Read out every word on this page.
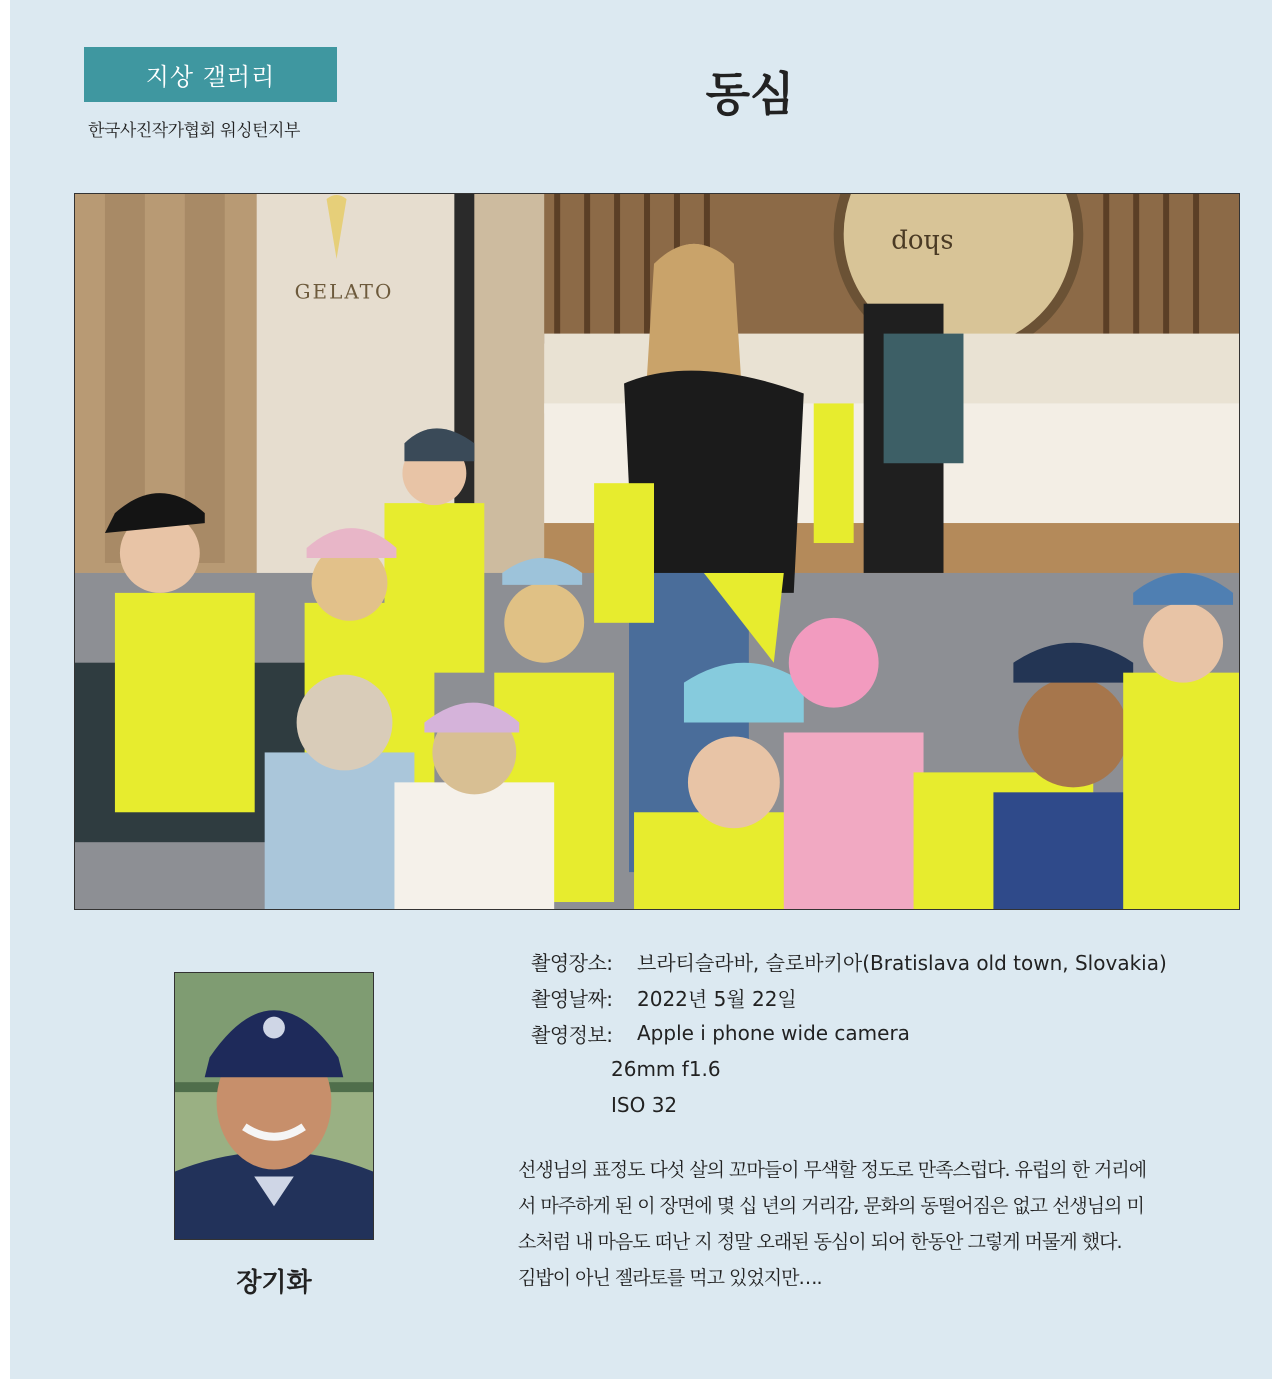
지상 갤러리
한국사진작가협회 워싱턴지부
동심
GELATO
shop
장기화
촬영장소:	브라티슬라바, 슬로바키아(Bratislava old town, Slovakia)
촬영날짜:	2022년 5월 22일
촬영정보:	Apple i phone wide camera
26mm f1.6
ISO 32
선생님의 표정도 다섯 살의 꼬마들이 무색할 정도로 만족스럽다. 유럽의 한 거리에
서 마주하게 된 이 장면에 몇 십 년의 거리감, 문화의 동떨어짐은 없고 선생님의 미
소처럼 내 마음도 떠난 지 정말 오래된 동심이 되어 한동안 그렇게 머물게 했다.
김밥이 아닌 젤라토를 먹고 있었지만….
